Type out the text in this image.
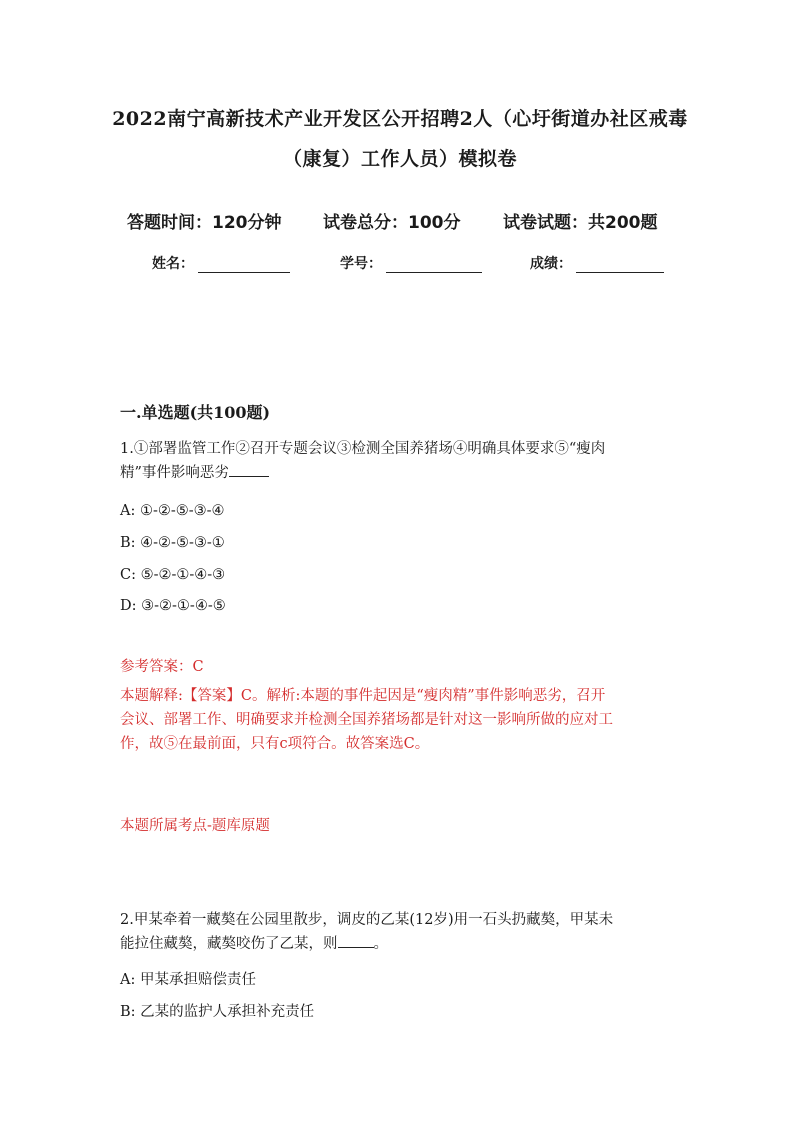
2022南宁高新技术产业开发区公开招聘2人（心圩街道办社区戒毒
（康复）工作人员）模拟卷
答题时间：120分钟 试卷总分：100分	试卷试题：共200题
姓名：	学号：	成绩：
一.单选题(共100题)
1.①部署监管工作②召开专题会议③检测全国养猪场④明确具体要求⑤“瘦肉
精”事件影响恶劣
A: ①-②-⑤-③-④
B: ④-②-⑤-③-①
C: ⑤-②-①-④-③
D: ③-②-①-④-⑤
参考答案：C
本题解释:【答案】C。解析:本题的事件起因是“瘦肉精”事件影响恶劣，召开
会议、部署工作、明确要求并检测全国养猪场都是针对这一影响所做的应对工
作，故⑤在最前面，只有c项符合。故答案选C。
本题所属考点-题库原题
2.甲某牵着一藏獒在公园里散步，调皮的乙某(12岁)用一石头扔藏獒，甲某未
能拉住藏獒，藏獒咬伤了乙某，则 。
A: 甲某承担赔偿责任
B: 乙某的监护人承担补充责任
